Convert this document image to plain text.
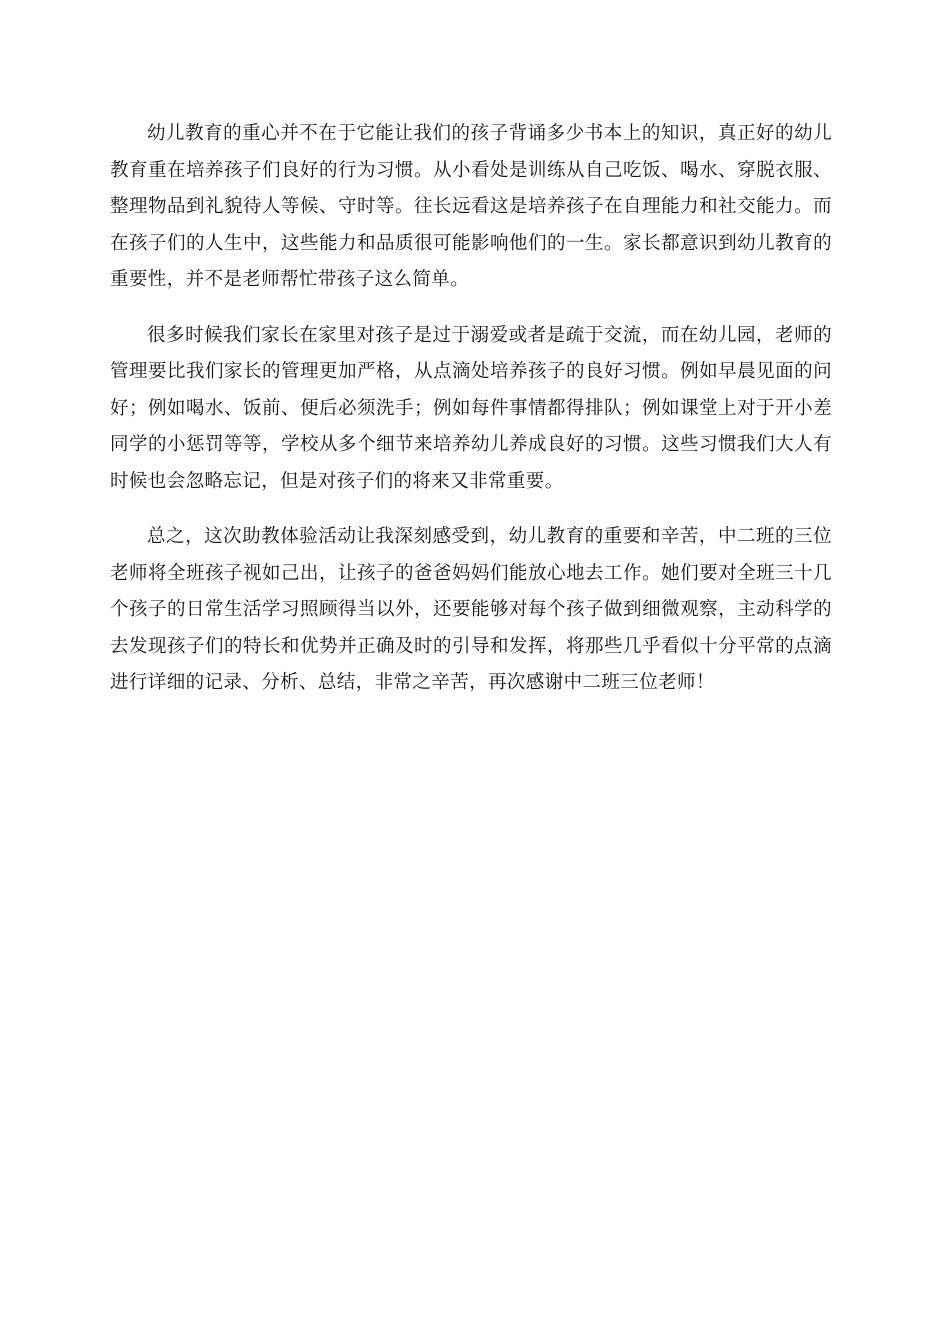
幼儿教育的重心并不在于它能让我们的孩子背诵多少书本上的知识，真正好的幼儿教育重在培养孩子们良好的行为习惯。从小看处是训练从自己吃饭、喝水、穿脱衣服、整理物品到礼貌待人等候、守时等。往长远看这是培养孩子在自理能力和社交能力。而在孩子们的人生中，这些能力和品质很可能影响他们的一生。家长都意识到幼儿教育的重要性，并不是老师帮忙带孩子这么简单。

很多时候我们家长在家里对孩子是过于溺爱或者是疏于交流，而在幼儿园，老师的管理要比我们家长的管理更加严格，从点滴处培养孩子的良好习惯。例如早晨见面的问好；例如喝水、饭前、便后必须洗手；例如每件事情都得排队；例如课堂上对于开小差同学的小惩罚等等，学校从多个细节来培养幼儿养成良好的习惯。这些习惯我们大人有时候也会忽略忘记，但是对孩子们的将来又非常重要。

总之，这次助教体验活动让我深刻感受到，幼儿教育的重要和辛苦，中二班的三位老师将全班孩子视如己出，让孩子的爸爸妈妈们能放心地去工作。她们要对全班三十几个孩子的日常生活学习照顾得当以外，还要能够对每个孩子做到细微观察，主动科学的去发现孩子们的特长和优势并正确及时的引导和发挥，将那些几乎看似十分平常的点滴进行详细的记录、分析、总结，非常之辛苦，再次感谢中二班三位老师！
